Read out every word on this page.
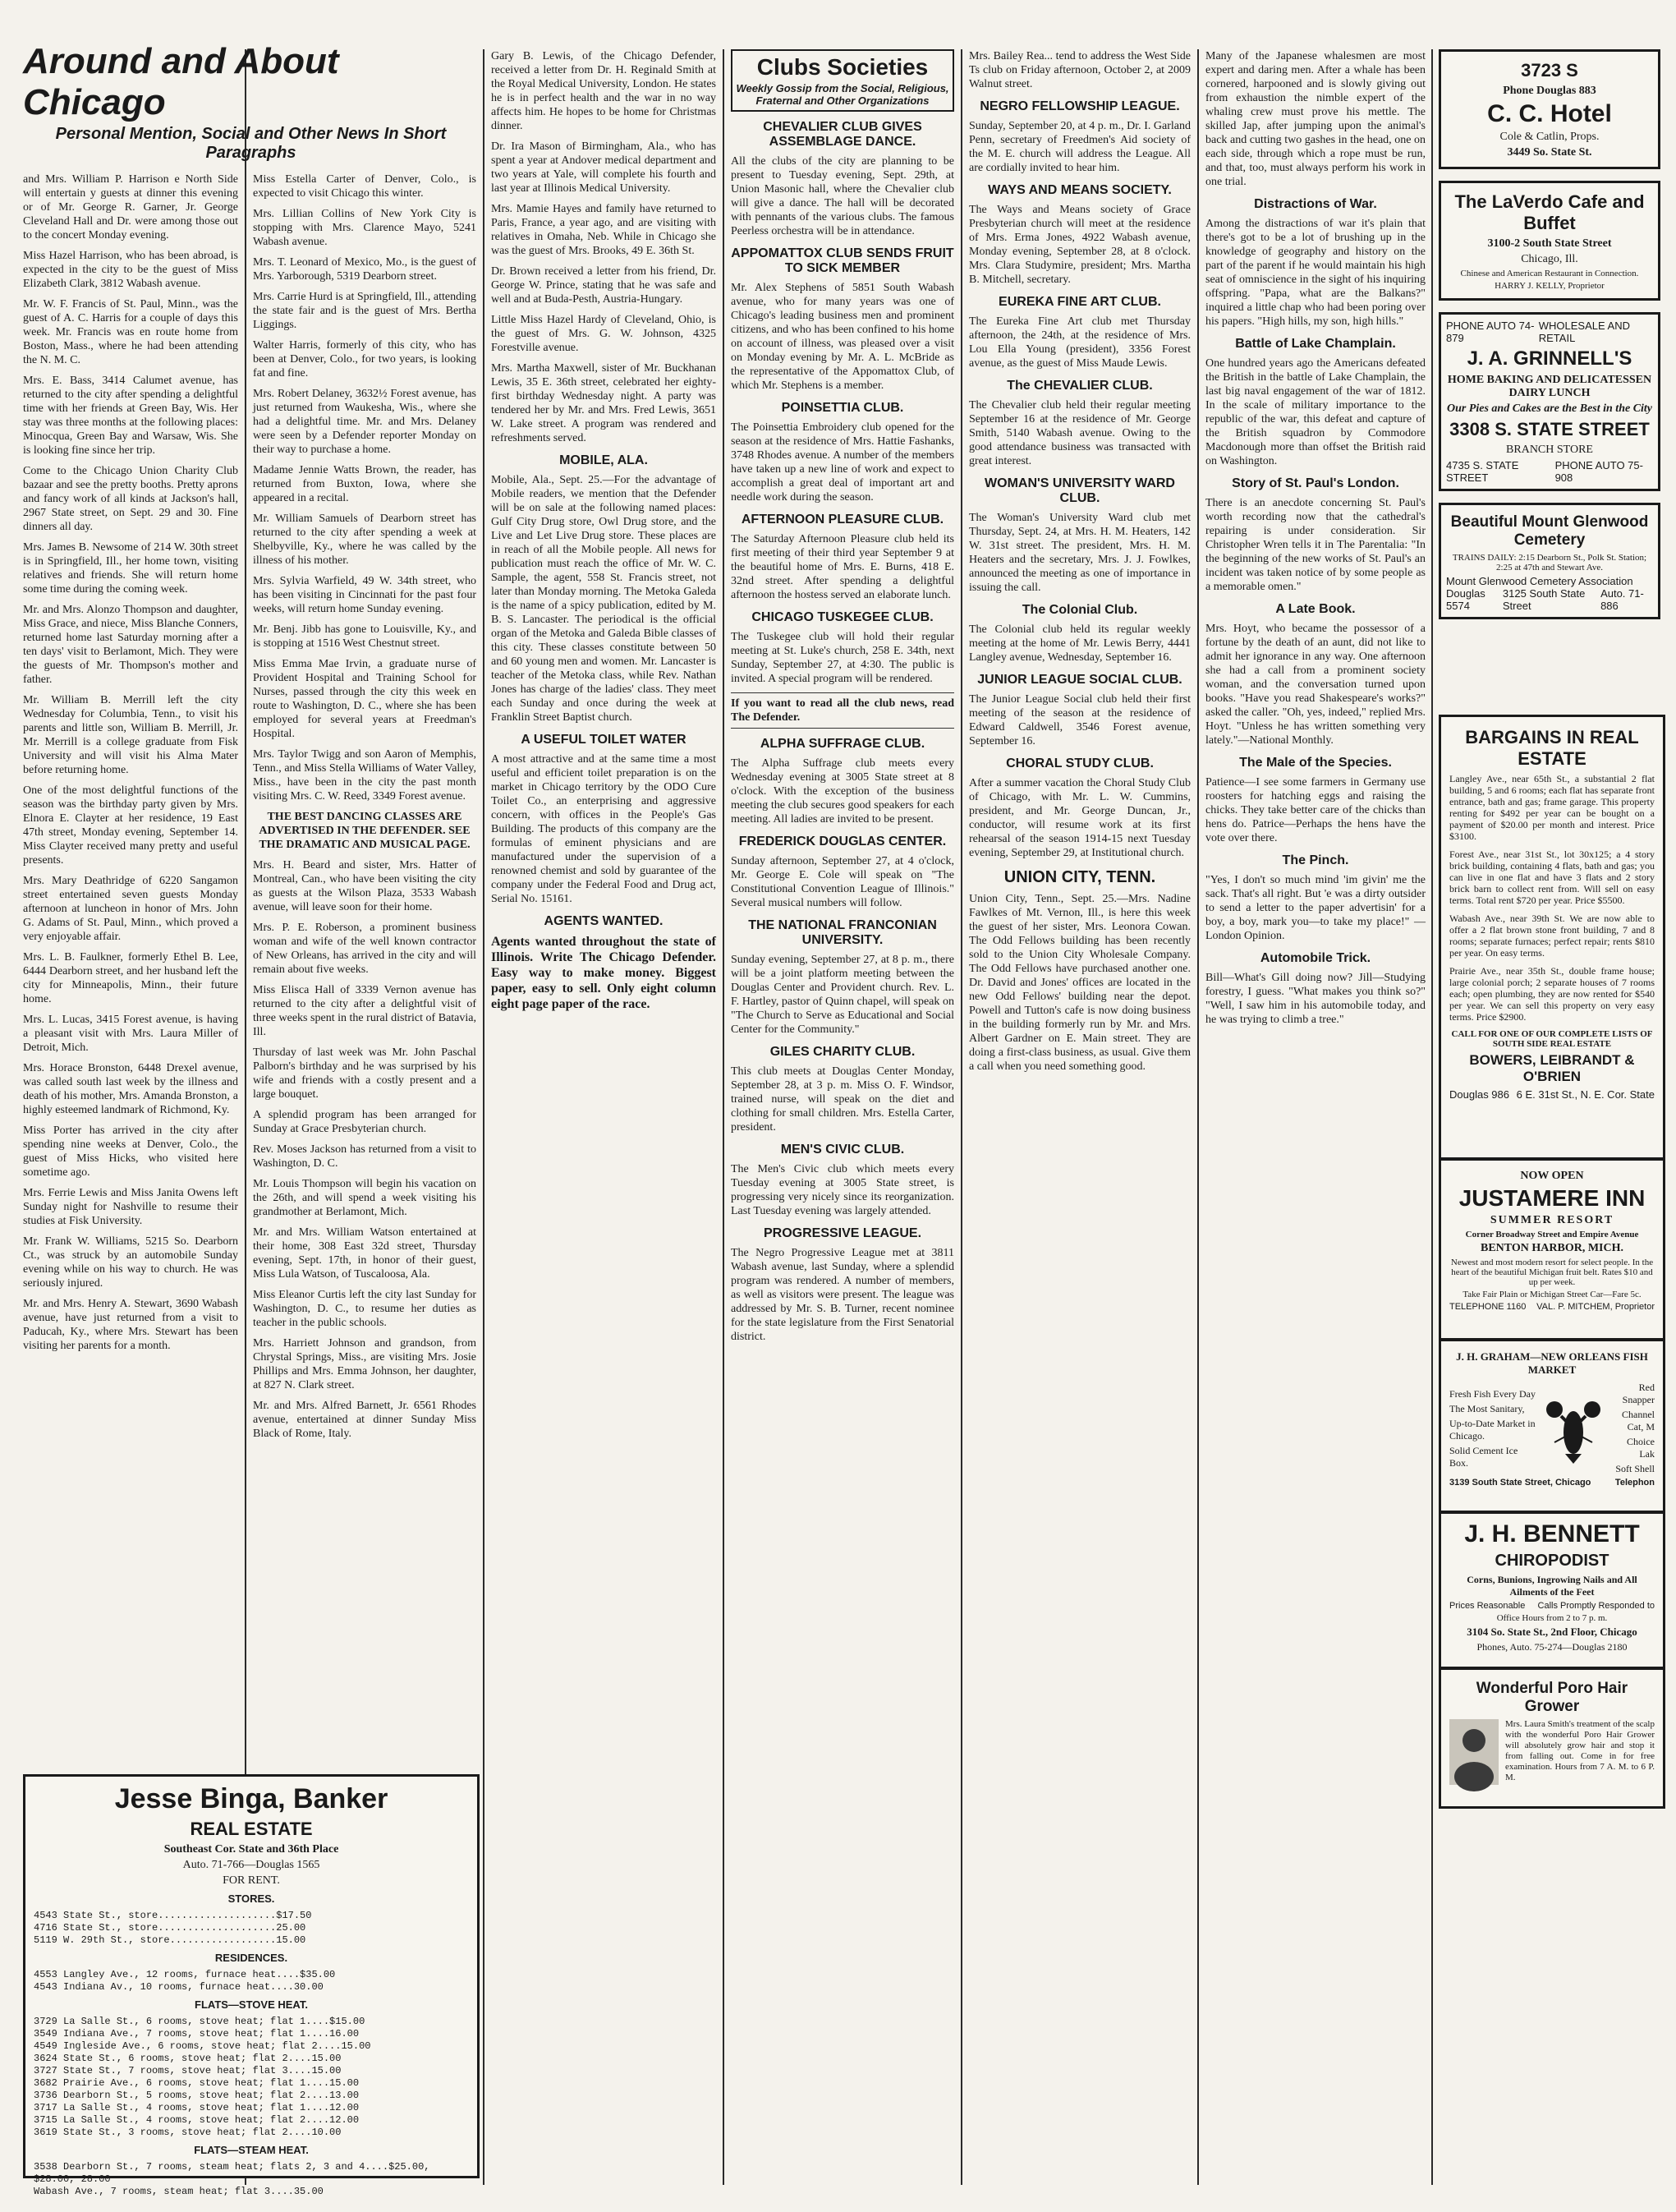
Around and About Chicago

Personal Mention, Social and Other News In Short Paragraphs

and Mrs. William P. Harrison e North Side will entertain y guests at dinner this evening or of Mr. George R. Garner, Jr. George Cleveland Hall and Dr. were among those out to the concert Monday evening.

Miss Hazel Harrison, who has been abroad, is expected in the city to be the guest of Miss Elizabeth Clark, 3812 Wabash avenue.

Mr. W. F. Francis of St. Paul, Minn., was the guest of A. C. Harris for a couple of days this week. Mr. Francis was en route home from Boston, Mass., where he had been attending the N. M. C.

Mrs. E. Bass, 3414 Calumet avenue, has returned to the city after spending a delightful time with her friends at Green Bay, Wis. Her stay was three months at the following places: Minocqua, Green Bay and Warsaw, Wis. She is looking fine since her trip.

Come to the Chicago Union Charity Club bazaar and see the pretty booths. Pretty aprons and fancy work of all kinds at Jackson's hall, 2967 State street, on Sept. 29 and 30. Fine dinners all day.

Mrs. James B. Newsome of 214 W. 30th street is in Springfield, Ill., her home town, visiting relatives and friends. She will return home some time during the coming week.

Mr. and Mrs. Alonzo Thompson and daughter, Miss Grace, and niece, Miss Blanche Conners, returned home last Saturday morning after a ten days' visit to Berlamont, Mich. They were the guests of Mr. Thompson's mother and father.

Mr. William B. Merrill left the city Wednesday for Columbia, Tenn., to visit his parents and little son, William B. Merrill, Jr. Mr. Merrill is a college graduate from Fisk University and will visit his Alma Mater before returning home.

One of the most delightful functions of the season was the birthday party given by Mrs. Elnora E. Clayter at her residence, 19 East 47th street, Monday evening, September 14. Miss Clayter received many pretty and useful presents.

Mrs. Mary Deathridge of 6220 Sangamon street entertained seven guests Monday afternoon at luncheon in honor of Mrs. John G. Adams of St. Paul, Minn., which proved a very enjoyable affair.

Mrs. L. B. Faulkner, formerly Ethel B. Lee, 6444 Dearborn street, and her husband left the city for Minneapolis, Minn., their future home.

Mrs. L. Lucas, 3415 Forest avenue, is having a pleasant visit with Mrs. Laura Miller of Detroit, Mich.

Mrs. Horace Bronston, 6448 Drexel avenue, was called south last week by the illness and death of his mother, Mrs. Amanda Bronston, a highly esteemed landmark of Richmond, Ky.

Miss Porter has arrived in the city after spending nine weeks at Denver, Colo., the guest of Miss Hicks, who visited here sometime ago.

Mrs. Ferrie Lewis and Miss Janita Owens left Sunday night for Nashville to resume their studies at Fisk University.

Mr. Frank W. Williams, 5215 So. Dearborn Ct., was struck by an automobile Sunday evening while on his way to church. He was seriously injured.

Mr. and Mrs. Henry A. Stewart, 3690 Wabash avenue, have just returned from a visit to Paducah, Ky., where Mrs. Stewart has been visiting her parents for a month.

Miss Estella Carter of Denver, Colo., is expected to visit Chicago this winter.

Mrs. Lillian Collins of New York City is stopping with Mrs. Clarence Mayo, 5241 Wabash avenue.

Mrs. T. Leonard of Mexico, Mo., is the guest of Mrs. Yarborough, 5319 Dearborn street.

Mrs. Carrie Hurd is at Springfield, Ill., attending the state fair and is the guest of Mrs. Bertha Liggings.

Walter Harris, formerly of this city, who has been at Denver, Colo., for two years, is looking fat and fine.

Mrs. Robert Delaney, 3632½ Forest avenue, has just returned from Waukesha, Wis., where she had a delightful time. Mr. and Mrs. Delaney were seen by a Defender reporter Monday on their way to purchase a home.

Madame Jennie Watts Brown, the reader, has returned from Buxton, Iowa, where she appeared in a recital.

Mr. William Samuels of Dearborn street has returned to the city after spending a week at Shelbyville, Ky., where he was called by the illness of his mother.

Mrs. Sylvia Warfield, 49 W. 34th street, who has been visiting in Cincinnati for the past four weeks, will return home Sunday evening.

Mr. Benj. Jibb has gone to Louisville, Ky., and is stopping at 1516 West Chestnut street.

Miss Emma Mae Irvin, a graduate nurse of Provident Hospital and Training School for Nurses, passed through the city this week en route to Washington, D. C., where she has been employed for several years at Freedman's Hospital.

Mrs. Taylor Twigg and son Aaron of Memphis, Tenn., and Miss Stella Williams of Water Valley, Miss., have been in the city the past month visiting Mrs. C. W. Reed, 3349 Forest avenue.

THE BEST DANCING CLASSES ARE ADVERTISED IN THE DEFENDER. SEE THE DRAMATIC AND MUSICAL PAGE.

Mrs. H. Beard and sister, Mrs. Hatter of Montreal, Can., who have been visiting the city as guests at the Wilson Plaza, 3533 Wabash avenue, will leave soon for their home.

Mrs. P. E. Roberson, a prominent business woman and wife of the well known contractor of New Orleans, has arrived in the city and will remain about five weeks.

Miss Elisca Hall of 3339 Vernon avenue has returned to the city after a delightful visit of three weeks spent in the rural district of Batavia, Ill.

Thursday of last week was Mr. John Paschal Palborn's birthday and he was surprised by his wife and friends with a costly present and a large bouquet.

A splendid program has been arranged for Sunday at Grace Presbyterian church.

Rev. Moses Jackson has returned from a visit to Washington, D. C.

Mr. Louis Thompson will begin his vacation on the 26th, and will spend a week visiting his grandmother at Berlamont, Mich.

Mr. and Mrs. William Watson entertained at their home, 308 East 32d street, Thursday evening, Sept. 17th, in honor of their guest, Miss Lula Watson, of Tuscaloosa, Ala.

Miss Eleanor Curtis left the city last Sunday for Washington, D. C., to resume her duties as teacher in the public schools.

Mrs. Harriett Johnson and grandson, from Chrystal Springs, Miss., are visiting Mrs. Josie Phillips and Mrs. Emma Johnson, her daughter, at 827 N. Clark street.

Mr. and Mrs. Alfred Barnett, Jr. 6561 Rhodes avenue, entertained at dinner Sunday Miss Black of Rome, Italy.

Jesse Binga, Banker

REAL ESTATE

Southeast Cor. State and 36th Place

Auto. 71-766—Douglas 1565

FOR RENT.

STORES.

4543 State St., store....................$17.50

4716 State St., store....................25.00

5119 W. 29th St., store..................15.00

RESIDENCES.

4553 Langley Ave., 12 rooms, furnace heat....$35.00

4543 Indiana Av., 10 rooms, furnace heat....30.00

FLATS—STOVE HEAT.

3729 La Salle St., 6 rooms, stove heat; flat 1....$15.00

3549 Indiana Ave., 7 rooms, stove heat; flat 1....16.00

4549 Ingleside Ave., 6 rooms, stove heat; flat 2....15.00

3624 State St., 6 rooms, stove heat; flat 2....15.00

3727 State St., 7 rooms, stove heat; flat 3....15.00

3682 Prairie Ave., 6 rooms, stove heat; flat 1....15.00

3736 Dearborn St., 5 rooms, stove heat; flat 2....13.00

3717 La Salle St., 4 rooms, stove heat; flat 1....12.00

3715 La Salle St., 4 rooms, stove heat; flat 2....12.00

3619 State St., 3 rooms, stove heat; flat 2....10.00

FLATS—STEAM HEAT.

3538 Dearborn St., 7 rooms, steam heat; flats 2, 3 and 4....$25.00, $28.00, 28.00

Wabash Ave., 7 rooms, steam heat; flat 3....35.00

Gary B. Lewis, of the Chicago Defender, received a letter from Dr. H. Reginald Smith at the Royal Medical University, London. He states he is in perfect health and the war in no way affects him. He hopes to be home for Christmas dinner.

Dr. Ira Mason of Birmingham, Ala., who has spent a year at Andover medical department and two years at Yale, will complete his fourth and last year at Illinois Medical University.

Mrs. Mamie Hayes and family have returned to Paris, France, a year ago, and are visiting with relatives in Omaha, Neb. While in Chicago she was the guest of Mrs. Brooks, 49 E. 36th St.

Dr. Brown received a letter from his friend, Dr. George W. Prince, stating that he was safe and well and at Buda-Pesth, Austria-Hungary.

Little Miss Hazel Hardy of Cleveland, Ohio, is the guest of Mrs. G. W. Johnson, 4325 Forestville avenue.

Mrs. Martha Maxwell, sister of Mr. Buckhanan Lewis, 35 E. 36th street, celebrated her eighty-first birthday Wednesday night. A party was tendered her by Mr. and Mrs. Fred Lewis, 3651 W. Lake street. A program was rendered and refreshments served.

MOBILE, ALA.

Mobile, Ala., Sept. 25.—For the advantage of Mobile readers, we mention that the Defender will be on sale at the following named places: Gulf City Drug store, Owl Drug store, and the Live and Let Live Drug store. These places are in reach of all the Mobile people. All news for publication must reach the office of Mr. W. C. Sample, the agent, 558 St. Francis street, not later than Monday morning. The Metoka Galeda is the name of a spicy publication, edited by M. B. S. Lancaster. The periodical is the official organ of the Metoka and Galeda Bible classes of this city. These classes constitute between 50 and 60 young men and women. Mr. Lancaster is teacher of the Metoka class, while Rev. Nathan Jones has charge of the ladies' class. They meet each Sunday and once during the week at Franklin Street Baptist church.

A USEFUL TOILET WATER

A most attractive and at the same time a most useful and efficient toilet preparation is on the market in Chicago territory by the ODO Cure Toilet Co., an enterprising and aggressive concern, with offices in the People's Gas Building. The products of this company are the formulas of eminent physicians and are manufactured under the supervision of a renowned chemist and sold by guarantee of the company under the Federal Food and Drug act, Serial No. 15161.

AGENTS WANTED.

Agents wanted throughout the state of Illinois. Write The Chicago Defender. Easy way to make money. Biggest paper, easy to sell. Only eight column eight page paper of the race.

Clubs Societies

Weekly Gossip from the Social, Religious, Fraternal and Other Organizations

CHEVALIER CLUB GIVES ASSEMBLAGE DANCE.

All the clubs of the city are planning to be present to Tuesday evening, Sept. 29th, at Union Masonic hall, where the Chevalier club will give a dance. The hall will be decorated with pennants of the various clubs. The famous Peerless orchestra will be in attendance.

APPOMATTOX CLUB SENDS FRUIT TO SICK MEMBER

Mr. Alex Stephens of 5851 South Wabash avenue, who for many years was one of Chicago's leading business men and prominent citizens, and who has been confined to his home on account of illness, was pleased over a visit on Monday evening by Mr. A. L. McBride as the representative of the Appomattox Club, of which Mr. Stephens is a member.

POINSETTIA CLUB.

The Poinsettia Embroidery club opened for the season at the residence of Mrs. Hattie Fashanks, 3748 Rhodes avenue. A number of the members have taken up a new line of work and expect to accomplish a great deal of important art and needle work during the season.

AFTERNOON PLEASURE CLUB.

The Saturday Afternoon Pleasure club held its first meeting of their third year September 9 at the beautiful home of Mrs. E. Burns, 418 E. 32nd street. After spending a delightful afternoon the hostess served an elaborate lunch.

CHICAGO TUSKEGEE CLUB.

The Tuskegee club will hold their regular meeting at St. Luke's church, 258 E. 34th, next Sunday, September 27, at 4:30. The public is invited. A special program will be rendered.

If you want to read all the club news, read The Defender.

ALPHA SUFFRAGE CLUB.

The Alpha Suffrage club meets every Wednesday evening at 3005 State street at 8 o'clock. With the exception of the business meeting the club secures good speakers for each meeting. All ladies are invited to be present.

FREDERICK DOUGLAS CENTER.

Sunday afternoon, September 27, at 4 o'clock, Mr. George E. Cole will speak on "The Constitutional Convention League of Illinois." Several musical numbers will follow.

THE NATIONAL FRANCONIAN UNIVERSITY.

Sunday evening, September 27, at 8 p. m., there will be a joint platform meeting between the Douglas Center and Provident church. Rev. L. F. Hartley, pastor of Quinn chapel, will speak on "The Church to Serve as Educational and Social Center for the Community."

GILES CHARITY CLUB.

This club meets at Douglas Center Monday, September 28, at 3 p. m. Miss O. F. Windsor, trained nurse, will speak on the diet and clothing for small children. Mrs. Estella Carter, president.

MEN'S CIVIC CLUB.

The Men's Civic club which meets every Tuesday evening at 3005 State street, is progressing very nicely since its reorganization. Last Tuesday evening was largely attended.

PROGRESSIVE LEAGUE.

The Negro Progressive League met at 3811 Wabash avenue, last Sunday, where a splendid program was rendered. A number of members, as well as visitors were present. The league was addressed by Mr. S. B. Turner, recent nominee for the state legislature from the First Senatorial district.

Mrs. Bailey Rea... tend to address the West Side Ts club on Friday afternoon, October 2, at 2009 Walnut street.

NEGRO FELLOWSHIP LEAGUE.

Sunday, September 20, at 4 p. m., Dr. I. Garland Penn, secretary of Freedmen's Aid society of the M. E. church will address the League. All are cordially invited to hear him.

WAYS AND MEANS SOCIETY.

The Ways and Means society of Grace Presbyterian church will meet at the residence of Mrs. Erma Jones, 4922 Wabash avenue, Monday evening, September 28, at 8 o'clock. Mrs. Clara Studymire, president; Mrs. Martha B. Mitchell, secretary.

EUREKA FINE ART CLUB.

The Eureka Fine Art club met Thursday afternoon, the 24th, at the residence of Mrs. Lou Ella Young (president), 3356 Forest avenue, as the guest of Miss Maude Lewis.

The CHEVALIER CLUB.

The Chevalier club held their regular meeting September 16 at the residence of Mr. George Smith, 5140 Wabash avenue. Owing to the good attendance business was transacted with great interest.

WOMAN'S UNIVERSITY WARD CLUB.

The Woman's University Ward club met Thursday, Sept. 24, at Mrs. H. M. Heaters, 142 W. 31st street. The president, Mrs. H. M. Heaters and the secretary, Mrs. J. J. Fowlkes, announced the meeting as one of importance in issuing the call.

The Colonial Club.

The Colonial club held its regular weekly meeting at the home of Mr. Lewis Berry, 4441 Langley avenue, Wednesday, September 16.

JUNIOR LEAGUE SOCIAL CLUB.

The Junior League Social club held their first meeting of the season at the residence of Edward Caldwell, 3546 Forest avenue, September 16.

CHORAL STUDY CLUB.

After a summer vacation the Choral Study Club of Chicago, with Mr. L. W. Cummins, president, and Mr. George Duncan, Jr., conductor, will resume work at its first rehearsal of the season 1914-15 next Tuesday evening, September 29, at Institutional church.

UNION CITY, TENN.

Union City, Tenn., Sept. 25.—Mrs. Nadine Fawlkes of Mt. Vernon, Ill., is here this week the guest of her sister, Mrs. Leonora Cowan. The Odd Fellows building has been recently sold to the Union City Wholesale Company. The Odd Fellows have purchased another one. Dr. David and Jones' offices are located in the new Odd Fellows' building near the depot. Powell and Tutton's cafe is now doing business in the building formerly run by Mr. and Mrs. Albert Gardner on E. Main street. They are doing a first-class business, as usual. Give them a call when you need something good.

Many of the Japanese whalesmen are most expert and daring men. After a whale has been cornered, harpooned and is slowly giving out from exhaustion the nimble expert of the whaling crew must prove his mettle. The skilled Jap, after jumping upon the animal's back and cutting two gashes in the head, one on each side, through which a rope must be run, and that, too, must always perform his work in one trial.

Distractions of War.

Among the distractions of war it's plain that there's got to be a lot of brushing up in the knowledge of geography and history on the part of the parent if he would maintain his high seat of omniscience in the sight of his inquiring offspring. "Papa, what are the Balkans?" inquired a little chap who had been poring over his papers. "High hills, my son, high hills."

Battle of Lake Champlain.

One hundred years ago the Americans defeated the British in the battle of Lake Champlain, the last big naval engagement of the war of 1812. In the scale of military importance to the republic of the war, this defeat and capture of the British squadron by Commodore Macdonough more than offset the British raid on Washington.

Story of St. Paul's London.

There is an anecdote concerning St. Paul's worth recording now that the cathedral's repairing is under consideration. Sir Christopher Wren tells it in The Parentalia: "In the beginning of the new works of St. Paul's an incident was taken notice of by some people as a memorable omen."

A Late Book.

Mrs. Hoyt, who became the possessor of a fortune by the death of an aunt, did not like to admit her ignorance in any way. One afternoon she had a call from a prominent society woman, and the conversation turned upon books. "Have you read Shakespeare's works?" asked the caller. "Oh, yes, indeed," replied Mrs. Hoyt. "Unless he has written something very lately."—National Monthly.

The Male of the Species.

Patience—I see some farmers in Germany use roosters for hatching eggs and raising the chicks. They take better care of the chicks than hens do. Patrice—Perhaps the hens have the vote over there.

The Pinch.

"Yes, I don't so much mind 'im givin' me the sack. That's all right. But 'e was a dirty outsider to send a letter to the paper advertisin' for a boy, a boy, mark you—to take my place!" —London Opinion.

Automobile Trick.

Bill—What's Gill doing now? Jill—Studying forestry, I guess. "What makes you think so?" "Well, I saw him in his automobile today, and he was trying to climb a tree."

3723 S

Phone Douglas 883

C. C. Hotel

Cole & Catlin, Props.

3449 So. State St.

The LaVerdo Cafe and Buffet

3100-2 South State Street

Chicago, Ill.

Chinese and American Restaurant in Connection.

HARRY J. KELLY, Proprietor

PHONE AUTO 74-879
WHOLESALE AND RETAIL

J. A. GRINNELL'S

HOME BAKING AND DELICATESSEN DAIRY LUNCH

Our Pies and Cakes are the Best in the City

3308 S. STATE STREET

BRANCH STORE

4735 S. STATE STREET
PHONE AUTO 75-908

Beautiful Mount Glenwood Cemetery

TRAINS DAILY: 2:15 Dearborn St., Polk St. Station; 2:25 at 47th and Stewart Ave.

Mount Glenwood Cemetery Association
Douglas 5574
3125 South State Street
Auto. 71-886

BARGAINS IN REAL ESTATE

Langley Ave., near 65th St., a substantial 2 flat building, 5 and 6 rooms; each flat has separate front entrance, bath and gas; frame garage. This property renting for $492 per year can be bought on a payment of $20.00 per month and interest. Price $3100.

Forest Ave., near 31st St., lot 30x125; a 4 story brick building, containing 4 flats, bath and gas; you can live in one flat and have 3 flats and 2 story brick barn to collect rent from. Will sell on easy terms. Total rent $720 per year. Price $5500.

Wabash Ave., near 39th St. We are now able to offer a 2 flat brown stone front building, 7 and 8 rooms; separate furnaces; perfect repair; rents $810 per year. On easy terms.

Prairie Ave., near 35th St., double frame house; large colonial porch; 2 separate houses of 7 rooms each; open plumbing, they are now rented for $540 per year. We can sell this property on very easy terms. Price $2900.

CALL FOR ONE OF OUR COMPLETE LISTS OF SOUTH SIDE REAL ESTATE

BOWERS, LEIBRANDT & O'BRIEN

Douglas 986 6 E. 31st St., N. E. Cor. State

NOW OPEN

JUSTAMERE INN

SUMMER RESORT

Corner Broadway Street and Empire Avenue

BENTON HARBOR, MICH.

Newest and most modern resort for select people. In the heart of the beautiful Michigan fruit belt. Rates $10 and up per week.

Take Fair Plain or Michigan Street Car—Fare 5c.

TELEPHONE 1160 VAL. P. MITCHEM, Proprietor

J. H. GRAHAM—NEW ORLEANS FISH MARKET

Fresh Fish Every Day

The Most Sanitary,

Up-to-Date Market in Chicago.

Solid Cement Ice Box.

Red Snapper

Channel Cat, M

Choice Lak

Soft Shell

3139 South State Street, Chicago	Telephon

J. H. BENNETT

CHIROPODIST

Corns, Bunions, Ingrowing Nails and All Ailments of the Feet

Prices Reasonable Calls Promptly Responded to

Office Hours from 2 to 7 p. m.

3104 So. State St., 2nd Floor, Chicago

Phones, Auto. 75-274—Douglas 2180

Wonderful Poro Hair Grower

Mrs. Laura Smith's treatment of the scalp with the wonderful Poro Hair Grower will absolutely grow hair and stop it from falling out. Come in for free examination. Hours from 7 A. M. to 6 P. M.
